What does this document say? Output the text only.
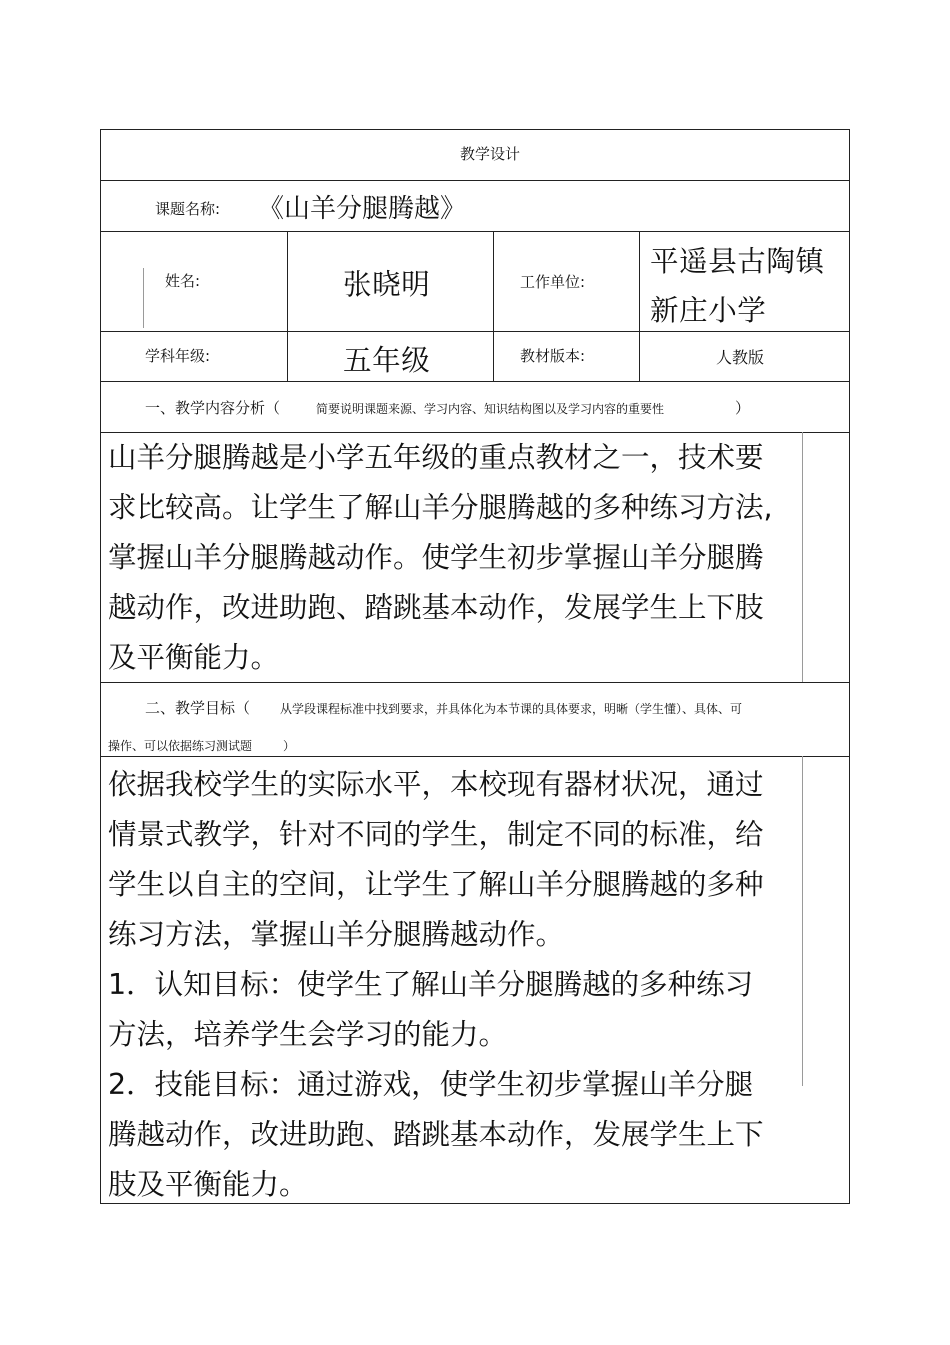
教学设计
课题名称: 《山羊分腿腾越》
姓名:	张晓明	工作单位:
平遥县古陶镇
新庄小学
学科年级:	五年级	教材版本:	人教版
一、教学内容分析（	简要说明课题来源、学习内容、知识结构图以及学习内容的重要性	）
山羊分腿腾越是小学五年级的重点教材之一，技术要
求比较高。让学生了解山羊分腿腾越的多种练习方法,
掌握山羊分腿腾越动作。使学生初步掌握山羊分腿腾
越动作，改进助跑、踏跳基本动作，发展学生上下肢
及平衡能力。
二、教学目标（ 从学段课程标准中找到要求，并具体化为本节课的具体要求，明晰（学生懂）、具体、可
操作、可以依据练习测试题	）
依据我校学生的实际水平，本校现有器材状况，通过
情景式教学，针对不同的学生，制定不同的标准，给
学生以自主的空间，让学生了解山羊分腿腾越的多种
练习方法，掌握山羊分腿腾越动作。
1．认知目标：使学生了解山羊分腿腾越的多种练习
方法，培养学生会学习的能力。
2．技能目标：通过游戏，使学生初步掌握山羊分腿
腾越动作，改进助跑、踏跳基本动作，发展学生上下
肢及平衡能力。
